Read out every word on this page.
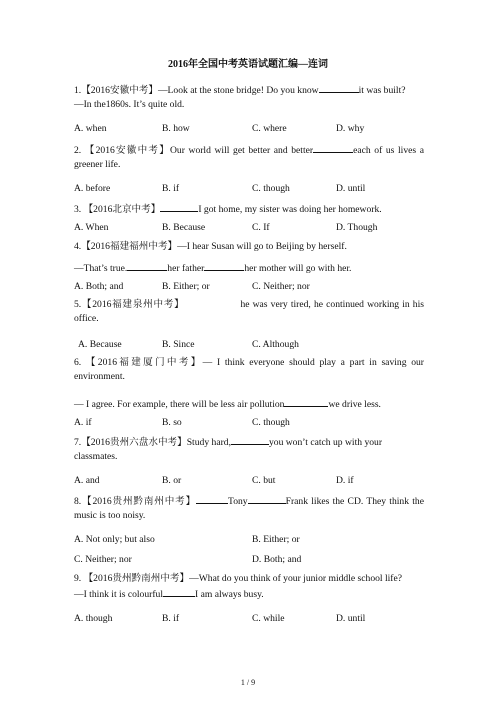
2016年全国中考英语试题汇编—连词
1.【2016安徽中考】—Look at the stone bridge! Do you know	it was built?
—In the1860s. It’s quite old.
A. when	B. how	C. where	D. why
2. 【2016安徽中考】Our world will get better and better	each of us lives a greener life.
A. before	B. if	C. though	D. until
3. 【2016北京中考】	I got home, my sister was doing her homework.
A. When	B. Because	C. If	D. Though
4.【2016福建福州中考】—I hear Susan will go to Beijing by herself.
—That’s true.	her father	her mother will go with her.
A. Both; and	B. Either; or	C. Neither; nor
5.【2016福建泉州中考】	he was very tired, he continued working in his office.
A. Because	B. Since	C. Although
6. 【2016福建厦门中考】— I think everyone should play a part in saving our environment.
— I agree. For example, there will be less air pollution	we drive less.
A. if	B. so	C. though
7.【2016贵州六盘水中考】Study hard,	you won’t catch up with your classmates.
A. and	B. or	C. but	D. if
8.【2016贵州黔南州中考】	Tony	Frank likes the CD. They think the music is too noisy.
A. Not only; but also	B. Either; or
C. Neither; nor	D. Both; and
9. 【2016贵州黔南州中考】—What do you think of your junior middle school life?
—I think it is colourful	I am always busy.
A. though	B. if	C. while	D. until
1 / 9
